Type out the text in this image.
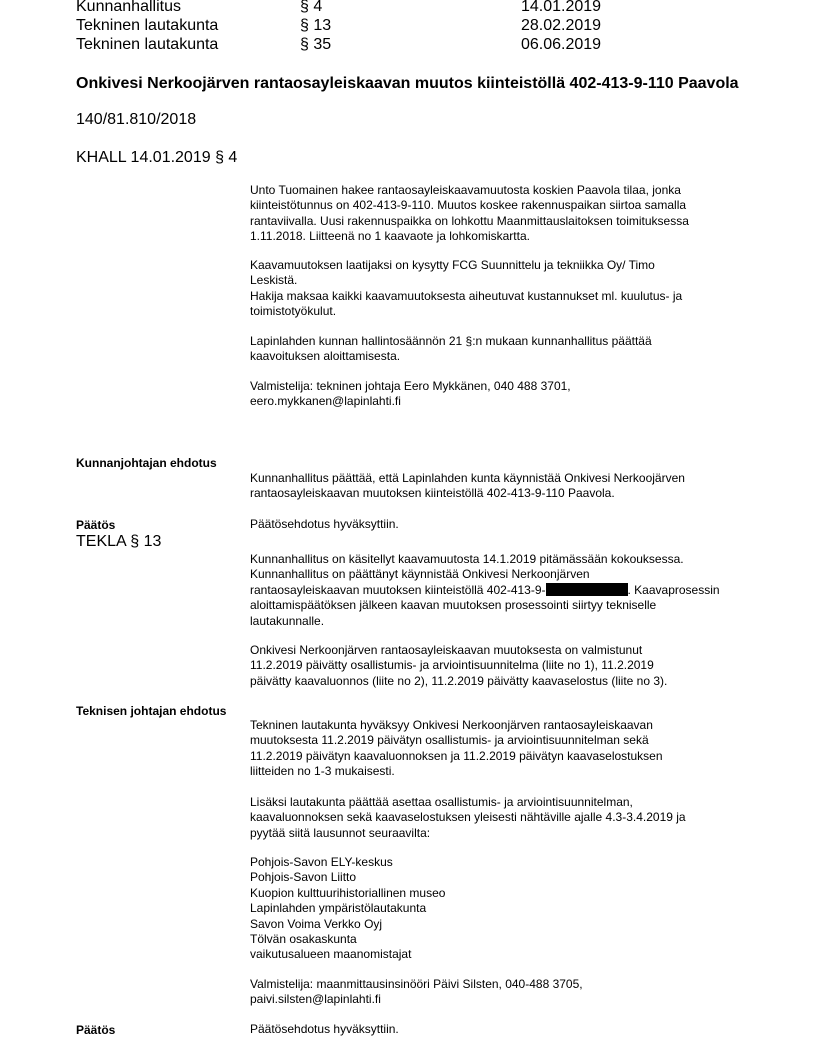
Kunnanhallitus	§ 4	14.01.2019
Tekninen lautakunta	§ 13	28.02.2019
Tekninen lautakunta	§ 35	06.06.2019
Onkivesi Nerkoojärven rantaosayleiskaavan muutos kiinteistöllä 402-413-9-110 Paavola
140/81.810/2018
KHALL 14.01.2019 § 4
Unto Tuomainen hakee rantaosayleiskaavamuutosta koskien Paavola tilaa, jonka
kiinteistötunnus on 402-413-9-110. Muutos koskee rakennuspaikan siirtoa samalla
rantaviivalla. Uusi rakennuspaikka on lohkottu Maanmittauslaitoksen toimituksessa
1.11.2018. Liitteenä no 1 kaavaote ja lohkomiskartta.
Kaavamuutoksen laatijaksi on kysytty FCG Suunnittelu ja tekniikka Oy/ Timo
Leskistä.
Hakija maksaa kaikki kaavamuutoksesta aiheutuvat kustannukset ml. kuulutus- ja
toimistotyökulut.
Lapinlahden kunnan hallintosäännön 21 §:n mukaan kunnanhallitus päättää
kaavoituksen aloittamisesta.
Valmistelija: tekninen johtaja Eero Mykkänen, 040 488 3701,
eero.mykkanen@lapinlahti.fi
Kunnanjohtajan ehdotus
Kunnanhallitus päättää, että Lapinlahden kunta käynnistää Onkivesi Nerkoojärven
rantaosayleiskaavan muutoksen kiinteistöllä 402-413-9-110 Paavola.
Päätös	Päätösehdotus hyväksyttiin.
TEKLA § 13
Kunnanhallitus on käsitellyt kaavamuutosta 14.1.2019 pitämässään kokouksessa.
Kunnanhallitus on päättänyt käynnistää Onkivesi Nerkoonjärven
rantaosayleiskaavan muutoksen kiinteistöllä 402-413-9-	. Kaavaprosessin
aloittamispäätöksen jälkeen kaavan muutoksen prosessointi siirtyy tekniselle
lautakunnalle.
Onkivesi Nerkoonjärven rantaosayleiskaavan muutoksesta on valmistunut
11.2.2019 päivätty osallistumis- ja arviointisuunnitelma (liite no 1), 11.2.2019
päivätty kaavaluonnos (liite no 2), 11.2.2019 päivätty kaavaselostus (liite no 3).
Teknisen johtajan ehdotus
Tekninen lautakunta hyväksyy Onkivesi Nerkoonjärven rantaosayleiskaavan
muutoksesta 11.2.2019 päivätyn osallistumis- ja arviointisuunnitelman sekä
11.2.2019 päivätyn kaavaluonnoksen ja 11.2.2019 päivätyn kaavaselostuksen
liitteiden no 1-3 mukaisesti.
Lisäksi lautakunta päättää asettaa osallistumis- ja arviointisuunnitelman,
kaavaluonnoksen sekä kaavaselostuksen yleisesti nähtäville ajalle 4.3-3.4.2019 ja
pyytää siitä lausunnot seuraavilta:
Pohjois-Savon ELY-keskus
Pohjois-Savon Liitto
Kuopion kulttuurihistoriallinen museo
Lapinlahden ympäristölautakunta
Savon Voima Verkko Oyj
Tölvän osakaskunta
vaikutusalueen maanomistajat
Valmistelija: maanmittausinsinööri Päivi Silsten, 040-488 3705,
paivi.silsten@lapinlahti.fi
Päätös	Päätösehdotus hyväksyttiin.
